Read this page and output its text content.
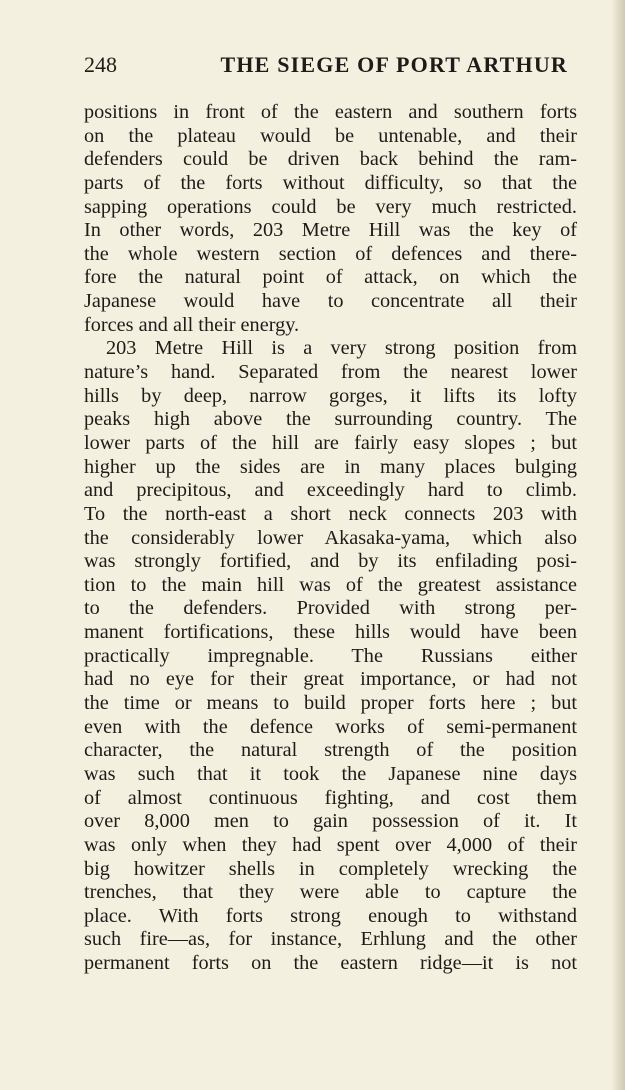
248	THE SIEGE OF PORT ARTHUR
positions in front of the eastern and southern forts
on the plateau would be untenable, and their
defenders could be driven back behind the ram-
parts of the forts without difficulty, so that the
sapping operations could be very much restricted.
In other words, 203 Metre Hill was the key of
the whole western section of defences and there-
fore the natural point of attack, on which the
Japanese would have to concentrate all their
forces and all their energy.
203 Metre Hill is a very strong position from
nature’s hand. Separated from the nearest lower
hills by deep, narrow gorges, it lifts its lofty
peaks high above the surrounding country. The
lower parts of the hill are fairly easy slopes ; but
higher up the sides are in many places bulging
and precipitous, and exceedingly hard to climb.
To the north-east a short neck connects 203 with
the considerably lower Akasaka-yama, which also
was strongly fortified, and by its enfilading posi-
tion to the main hill was of the greatest assistance
to the defenders. Provided with strong per-
manent fortifications, these hills would have been
practically impregnable. The Russians either
had no eye for their great importance, or had not
the time or means to build proper forts here ; but
even with the defence works of semi-permanent
character, the natural strength of the position
was such that it took the Japanese nine days
of almost continuous fighting, and cost them
over 8,000 men to gain possession of it. It
was only when they had spent over 4,000 of their
big howitzer shells in completely wrecking the
trenches, that they were able to capture the
place. With forts strong enough to withstand
such fire—as, for instance, Erhlung and the other
permanent forts on the eastern ridge—it is not
